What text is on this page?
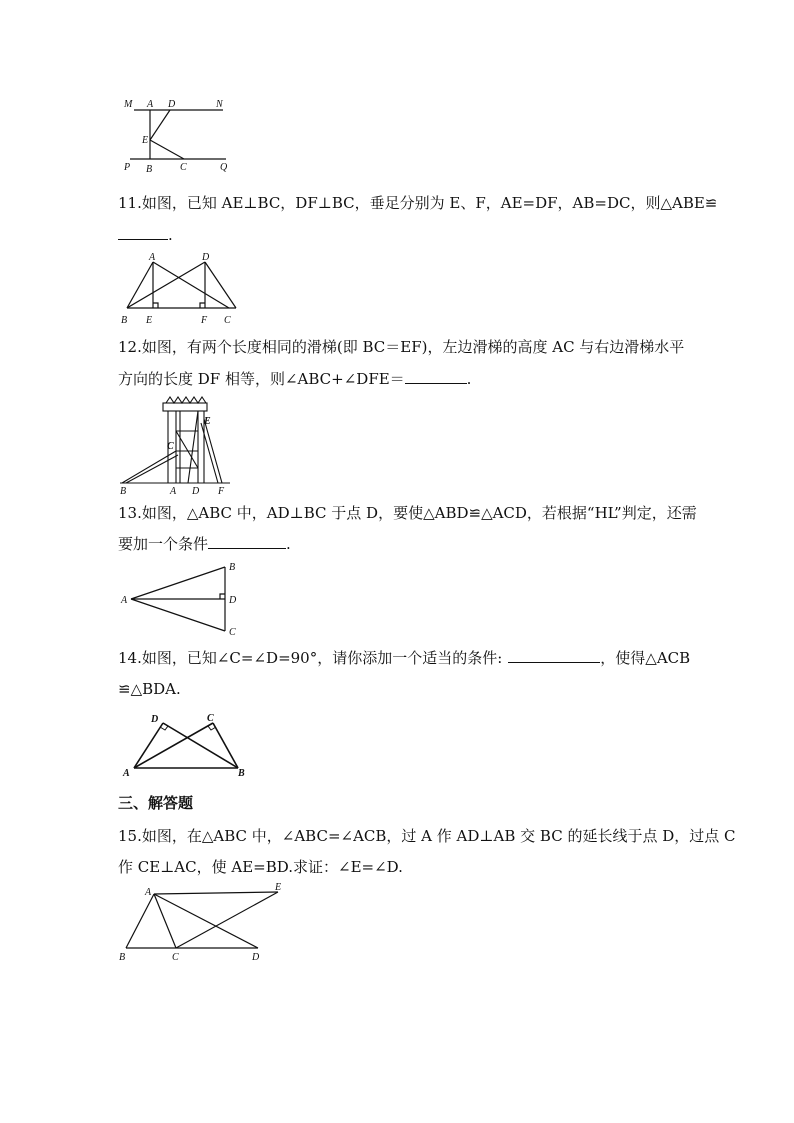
M A D	N
E
P B	C	Q
11.如图，已知 AE⊥BC，DF⊥BC，垂足分别为 E、F，AE=DF，AB=DC，则△ABE≌
.
A	D
B E	F C
12.如图，有两个长度相同的滑梯(即 BC＝EF)，左边滑梯的高度 AC 与右边滑梯水平
方向的长度 DF 相等，则∠ABC+∠DFE＝	.
E
C
B	A D F
13.如图，△ABC 中，AD⊥BC 于点 D，要使△ABD≌△ACD，若根据“HL”判定，还需
要加一个条件	.
A
B
D
C
14.如图，已知∠C=∠D=90°，请你添加一个适当的条件:	，使得△ACB
≌△BDA.
D	C
A	B
三、解答题
15.如图，在△ABC 中，∠ABC=∠ACB，过 A 作 AD⊥AB 交 BC 的延长线于点 D，过点 C
作 CE⊥AC，使 AE=BD.求证：∠E=∠D.
A	E
B	C	D
